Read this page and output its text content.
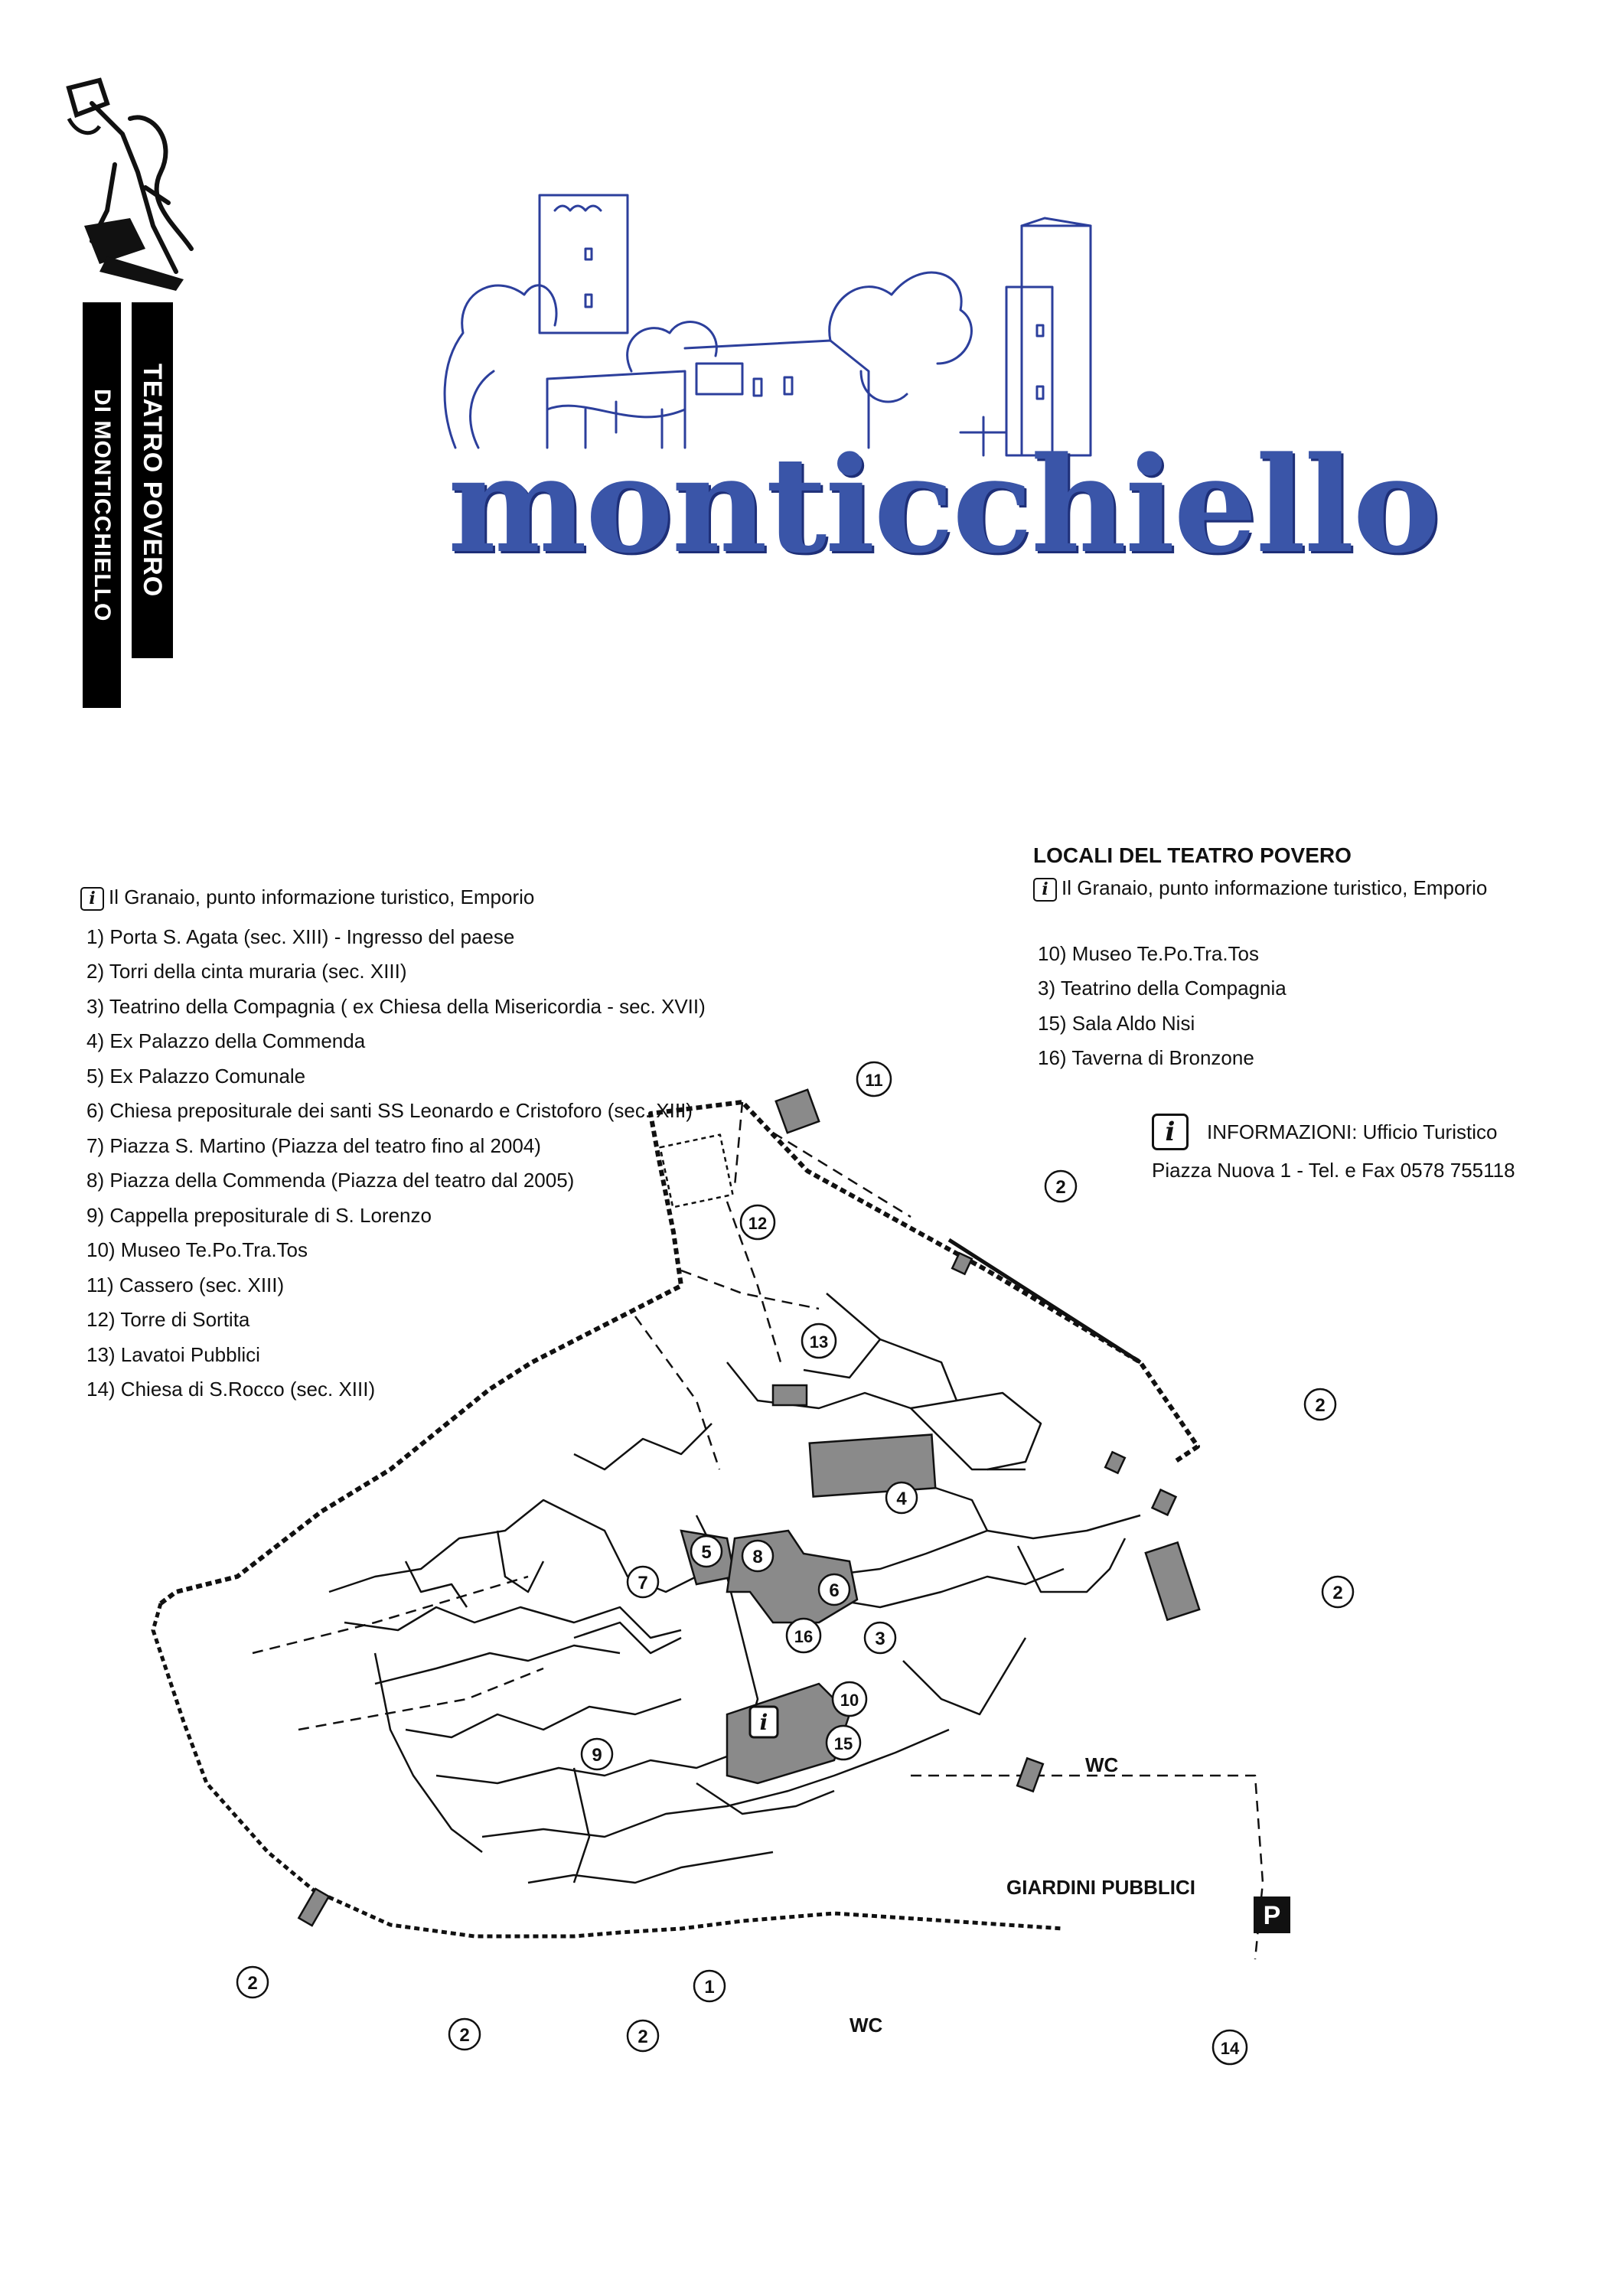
TEATRO POVERO
DI MONTICCHIELLO	monticchiello
i Il Granaio, punto informazione turistico, Emporio
1) Porta S. Agata (sec. XIII) - Ingresso del paese
2) Torri della cinta muraria (sec. XIII)
3) Teatrino della Compagnia ( ex Chiesa della Misericordia - sec. XVII)
4) Ex Palazzo della Commenda
5) Ex Palazzo Comunale
6) Chiesa prepositurale dei santi SS Leonardo e Cristoforo (sec. XIII)
7) Piazza S. Martino (Piazza del teatro fino al 2004)
8) Piazza della Commenda (Piazza del teatro dal 2005)
9) Cappella prepositurale di S. Lorenzo
10) Museo Te.Po.Tra.Tos
11) Cassero (sec. XIII)
12) Torre di Sortita
13) Lavatoi Pubblici
14) Chiesa di S.Rocco (sec. XIII)
LOCALI DEL TEATRO POVERO
i Il Granaio, punto informazione turistico, Emporio
10) Museo Te.Po.Tra.Tos
3) Teatrino della Compagnia
15) Sala Aldo Nisi
16) Taverna di Bronzone
i	INFORMAZIONI: Ufficio Turistico
Piazza Nuova 1 - Tel. e Fax 0578 755118
i
1
2
2
2
2
2	2
3
4
5
6
7
8
9
10
11
12
13
14
15
16
GIARDINI PUBBLICI
WC
WC
P
